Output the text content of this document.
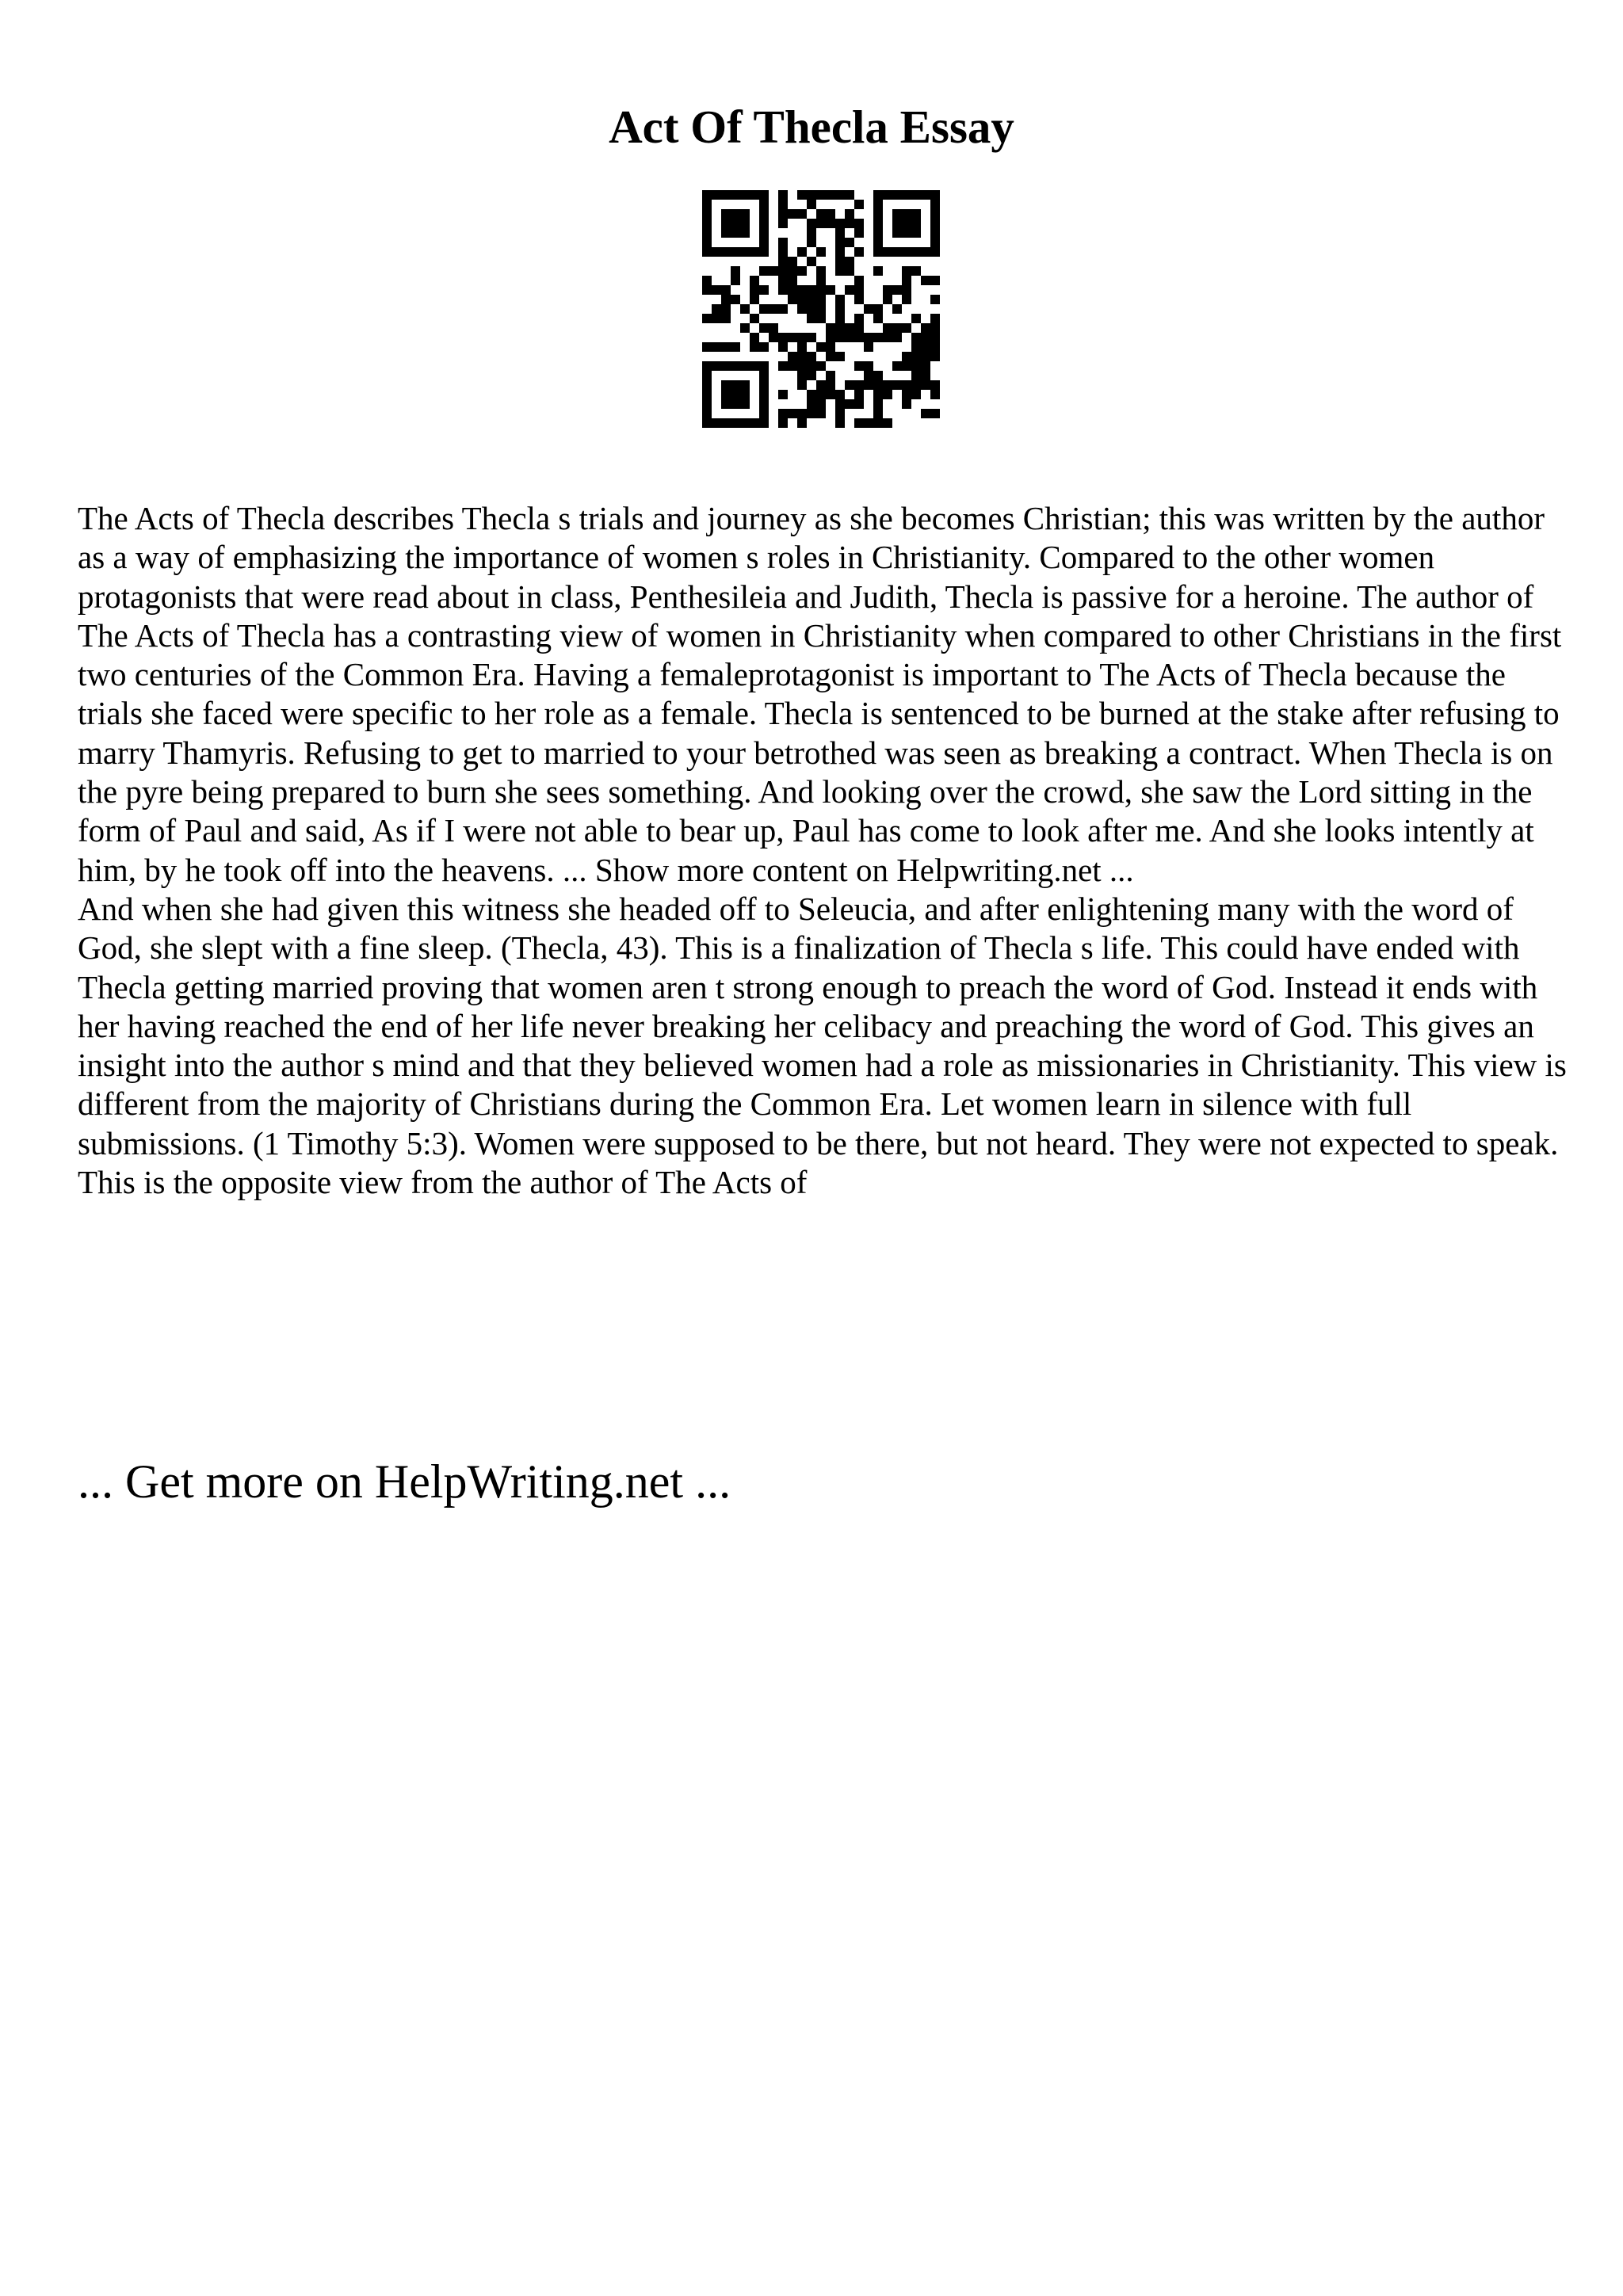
Act Of Thecla Essay

The Acts of Thecla describes Thecla s trials and journey as she becomes Christian; this was written by the author as a way of emphasizing the importance of women s roles in Christianity. Compared to the other women protagonists that were read about in class, Penthesileia and Judith, Thecla is passive for a heroine. The author of The Acts of Thecla has a contrasting view of women in Christianity when compared to other Christians in the first two centuries of the Common Era. Having a femaleprotagonist is important to The Acts of Thecla because the trials she faced were specific to her role as a female. Thecla is sentenced to be burned at the stake after refusing to marry Thamyris. Refusing to get to married to your betrothed was seen as breaking a contract. When Thecla is on the pyre being prepared to burn she sees something. And looking over the crowd, she saw the Lord sitting in the form of Paul and said, As if I were not able to bear up, Paul has come to look after me. And she looks intently at him, by he took off into the heavens. ... Show more content on Helpwriting.net ...

And when she had given this witness she headed off to Seleucia, and after enlightening many with the word of God, she slept with a fine sleep. (Thecla, 43). This is a finalization of Thecla s life. This could have ended with Thecla getting married proving that women aren t strong enough to preach the word of God. Instead it ends with her having reached the end of her life never breaking her celibacy and preaching the word of God. This gives an insight into the author s mind and that they believed women had a role as missionaries in Christianity. This view is different from the majority of Christians during the Common Era. Let women learn in silence with full submissions. (1 Timothy 5:3). Women were supposed to be there, but not heard. They were not expected to speak. This is the opposite view from the author of The Acts of

... Get more on HelpWriting.net ...
